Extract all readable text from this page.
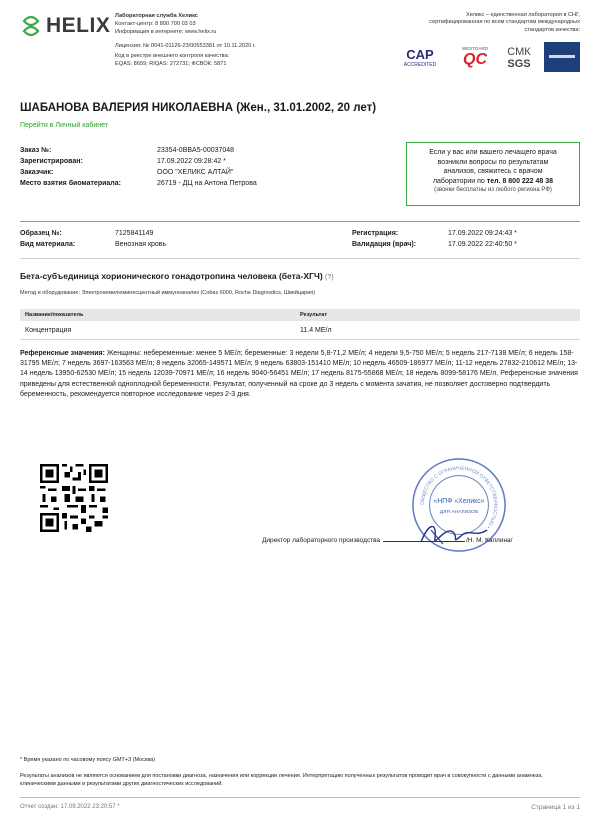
HELIX Лабораторная служба Хеликс
Контакт-центр: 8 800 700 03 03
Информация в интернете: www.helix.ru
Лицензия: № Л041-01126-23/00553381 от 10.11.2020 г.
Код в реестре внешнего контроля качества:
EQAS: 8659; RIQAS: 272731; ФСВОК: 5871
Хеликс – единственная лаборатория в СНГ,
сертифицированная по всем стандартам международных
стандартов качества:
CAP
ACCREDITED
WESTGARD
QC СМК
SGS
ШАБАНОВА ВАЛЕРИЯ НИКОЛАЕВНА (Жен., 31.01.2002, 20 лет)
Перейти в Личный кабинет
Заказ №:	23354-0BBA5-00037048
Зарегистрирован:	17.09.2022 09:28:42 *
Заказчик:	ООО "ХЕЛИКС АЛТАЙ"
Место взятия биоматериала:	26719 - ДЦ на Антона Петрова
Если у вас или вашего лечащего врача
возникли вопросы по результатам
анализов, свяжитесь с врачом
лаборатории по тел. 8 800 222 48 38
(звонки бесплатны из любого региона РФ)
Образец №:	7125841149
Вид материала:	Венозная кровь
Регистрация:	17.09.2022 09:24:43 *
Валидация (врач):	17.09.2022 22:40:50 *
Бета-субъединица хорионического гонадотропина человека (бета-ХГЧ) (?)
Метод и оборудование: Электрохемилюминесцентный иммуноанализ (Cobas 6000, Roche Diagnostics, Швейцария)
Название/показатель	Результат
Концентрация	11.4 МЕ/л
Референсные значения: Женщины: небеременные: менее 5 МЕ/л; беременные: 3 недели 5,8-71,2 МЕ/л; 4 недели 9,5-750 МЕ/л; 5 недель 217-7138 МЕ/л; 6 недель 158-31795 МЕ/л; 7 недель 3697-163563 МЕ/л; 8 недель 32065-149571 МЕ/л; 9 недель 63803-151410 МЕ/л; 10 недель 46509-186977 МЕ/л; 11-12 недель 27832-210612 МЕ/л; 13-14 недель 13950-62530 МЕ/л; 15 недель 12039-70971 МЕ/л; 16 недель 9040-56451 МЕ/л; 17 недель 8175-55868 МЕ/л; 18 недель 8099-58176 МЕ/л. Референсные значения приведены для естественной одноплодной беременности. Результат, полученный на сроке до 3 недель с момента зачатия, не позволяет достоверно подтвердить беременность, рекомендуется повторное исследование через 2-3 дня.
ОБЩЕСТВО С ОГРАНИЧЕННОЙ ОТВЕТСТВЕННОСТЬЮ •
«НПФ «Хеликс»
ДЛЯ АНАЛИЗОВ
Директор лабораторного производства	/Н. М. Каплина/
* Время указано по часовому поясу GMT+3 (Москва)
Результаты анализов не являются основанием для постановки диагноза, назначения или коррекции лечения. Интерпретацию полученных результатов проводит врач в совокупности с данными анамнеза, клиническими данными и результатами других диагностических исследований.
Отчет создан: 17.09.2022 23:20:57 *	Страница 1 из 1
